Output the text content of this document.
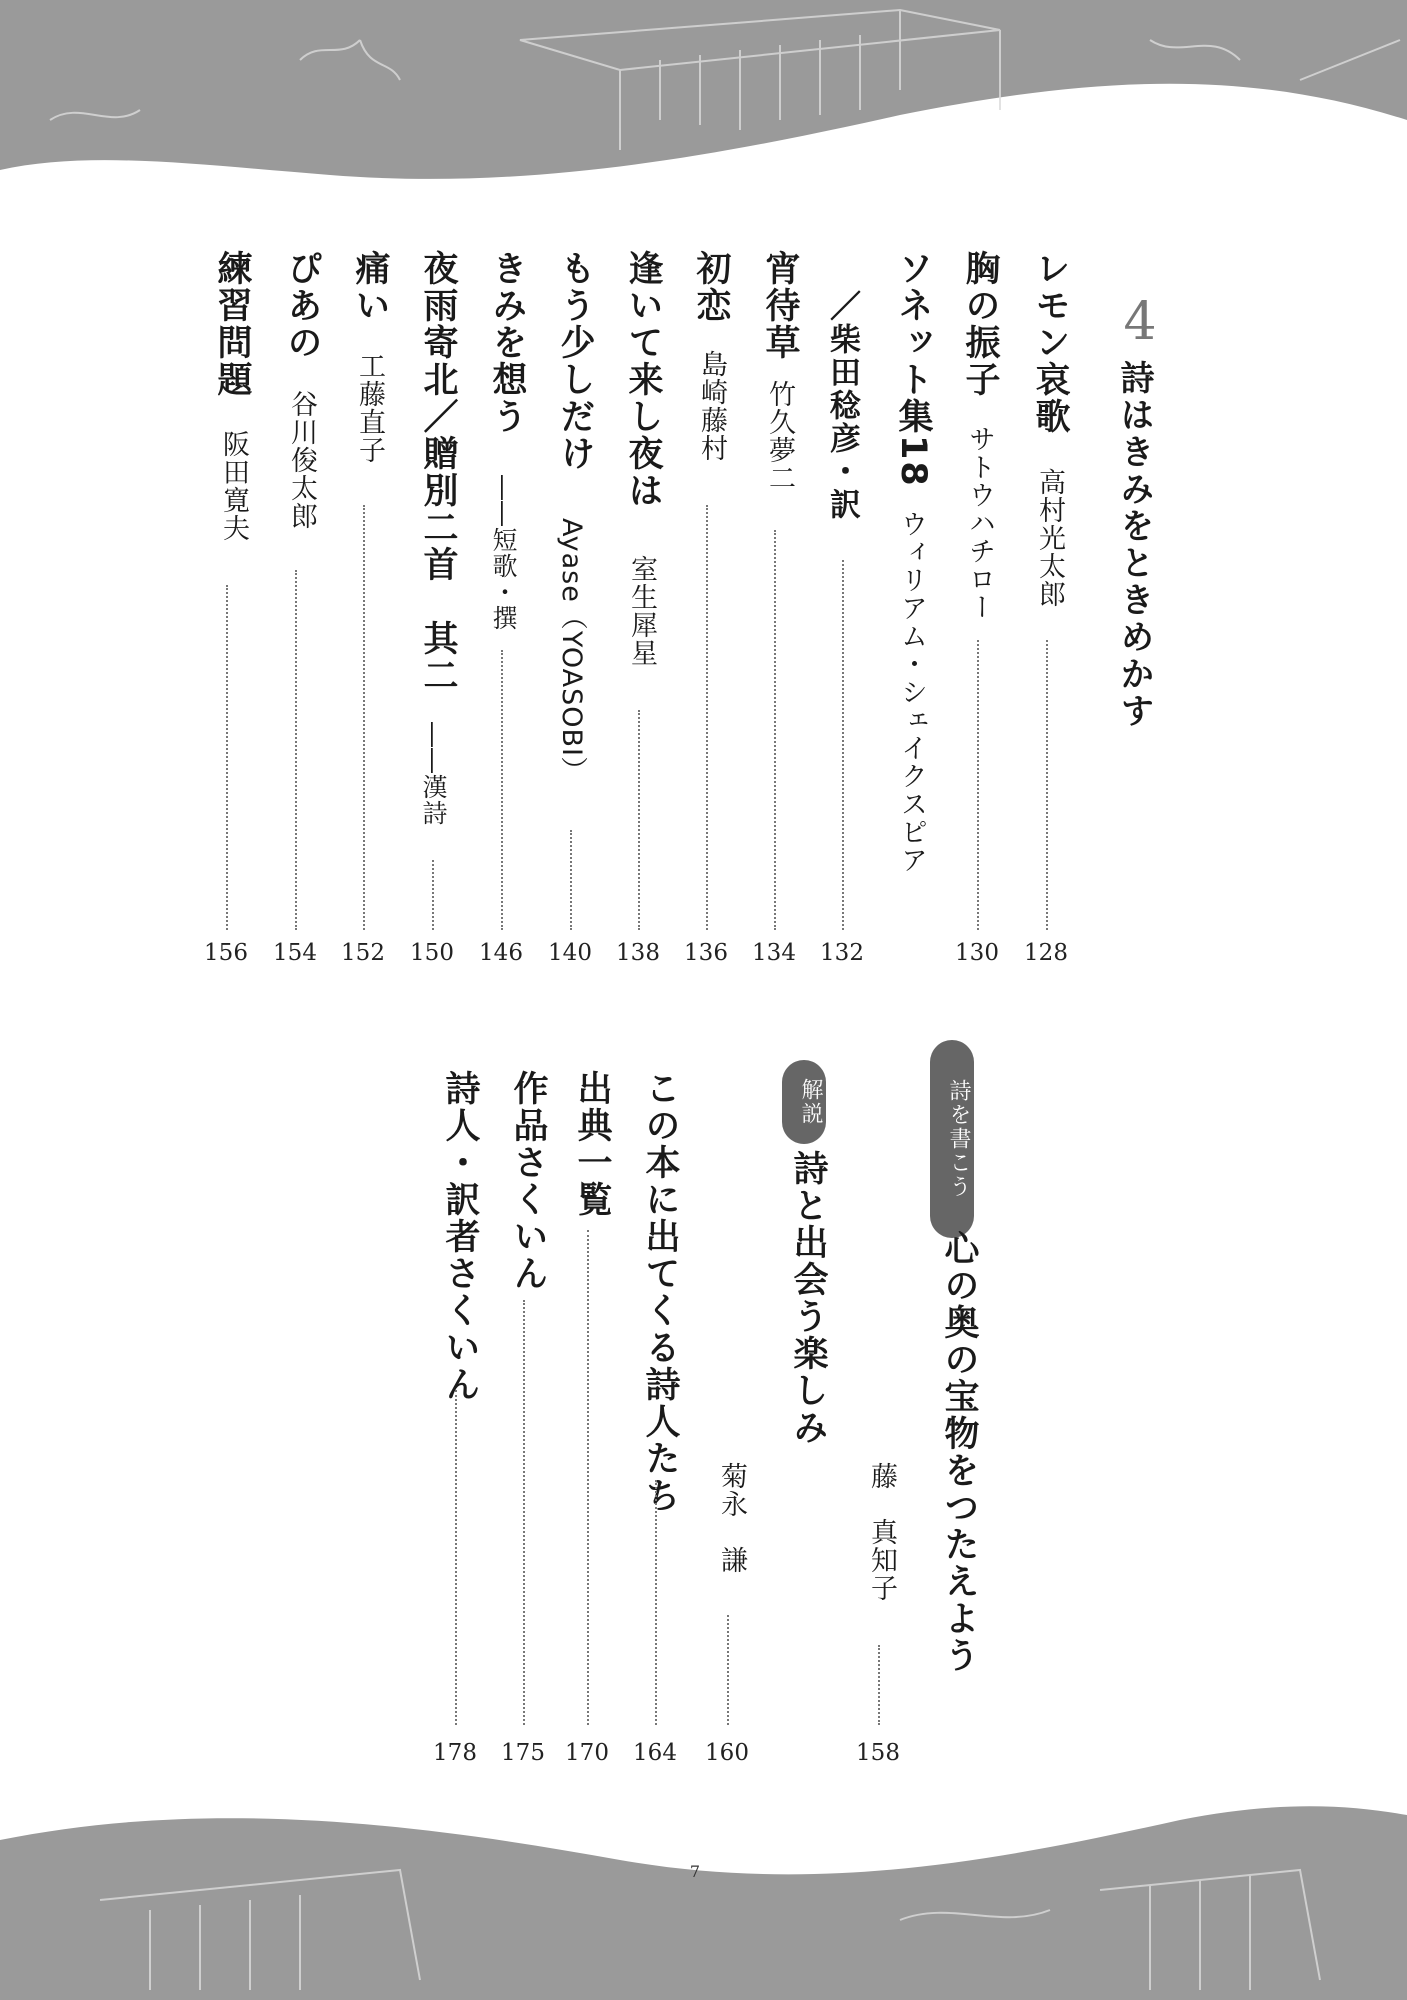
4
詩はきみをときめかす
レモン哀歌
高村光太郎
128
胸の振子
サトウハチロー
130
ソネット集18
ウィリアム・シェイクスピア
／柴田稔彦・訳
132
宵待草
竹久夢二
134
初恋
島崎藤村
136
逢いて来し夜は
室生犀星
138
もう少しだけ
Ayase（YOASOBI）
140
きみを想う
――短歌・撰
146
夜雨寄北／贈別二首　其二
――漢詩
150
痛い
工藤直子
152
ぴあの
谷川俊太郎
154
練習問題
阪田寛夫
156
詩を書こう
心の奥の宝物をつたえよう
藤　真知子
158
解説
詩と出会う楽しみ
菊永　謙
160
この本に出てくる詩人たち
164
出典一覧
170
作品さくいん
175
詩人・訳者さくいん
178
7
